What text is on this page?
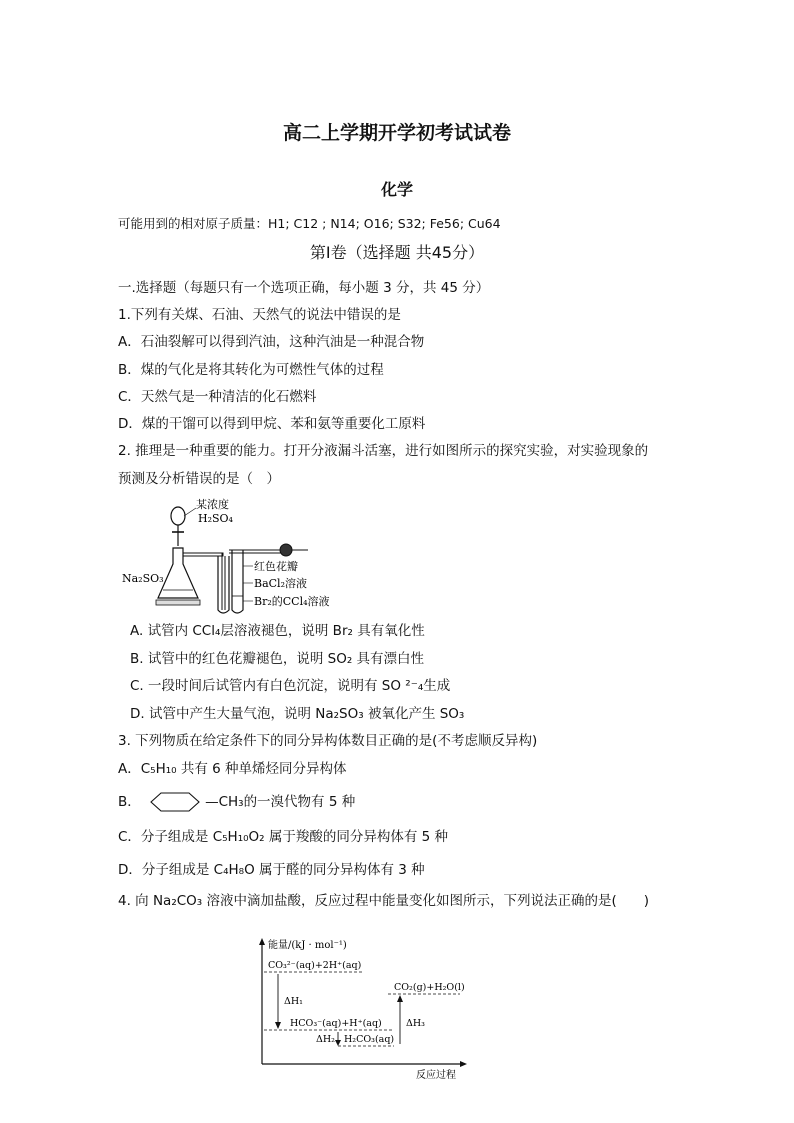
高二上学期开学初考试试卷
化学
可能用到的相对原子质量：H1; C12 ; N14; O16; S32; Fe56; Cu64
第Ⅰ卷（选择题 共45分）
一.选择题（每题只有一个选项正确，每小题 3 分，共 45 分）
1.下列有关煤、石油、天然气的说法中错误的是
A．石油裂解可以得到汽油，这种汽油是一种混合物
B．煤的气化是将其转化为可燃性气体的过程
C．天然气是一种清洁的化石燃料
D．煤的干馏可以得到甲烷、苯和氨等重要化工原料
2. 推理是一种重要的能力。打开分液漏斗活塞，进行如图所示的探究实验，对实验现象的
预测及分析错误的是（　）
某浓度
H₂SO₄
Na₂SO₃
红色花瓣
BaCl₂溶液
Br₂的CCl₄溶液
A. 试管内 CCl₄层溶液褪色，说明 Br₂ 具有氧化性
B. 试管中的红色花瓣褪色，说明 SO₂ 具有漂白性
C. 一段时间后试管内有白色沉淀，说明有 SO ²⁻₄生成
D. 试管中产生大量气泡，说明 Na₂SO₃ 被氧化产生 SO₃
3. 下列物质在给定条件下的同分异构体数目正确的是(不考虑顺反异构)
A．C₅H₁₀ 共有 6 种单烯烃同分异构体
B．	—CH₃的一溴代物有 5 种
C．分子组成是 C₅H₁₀O₂ 属于羧酸的同分异构体有 5 种
D．分子组成是 C₄H₈O 属于醛的同分异构体有 3 种
4. 向 Na₂CO₃ 溶液中滴加盐酸，反应过程中能量变化如图所示，下列说法正确的是(　　)
能量/(kJ · mol⁻¹)
反应过程
CO₃²⁻(aq)+2H⁺(aq)
CO₂(g)+H₂O(l)
HCO₃⁻(aq)+H⁺(aq)
H₂CO₃(aq)
ΔH₁
ΔH₂
ΔH₃
